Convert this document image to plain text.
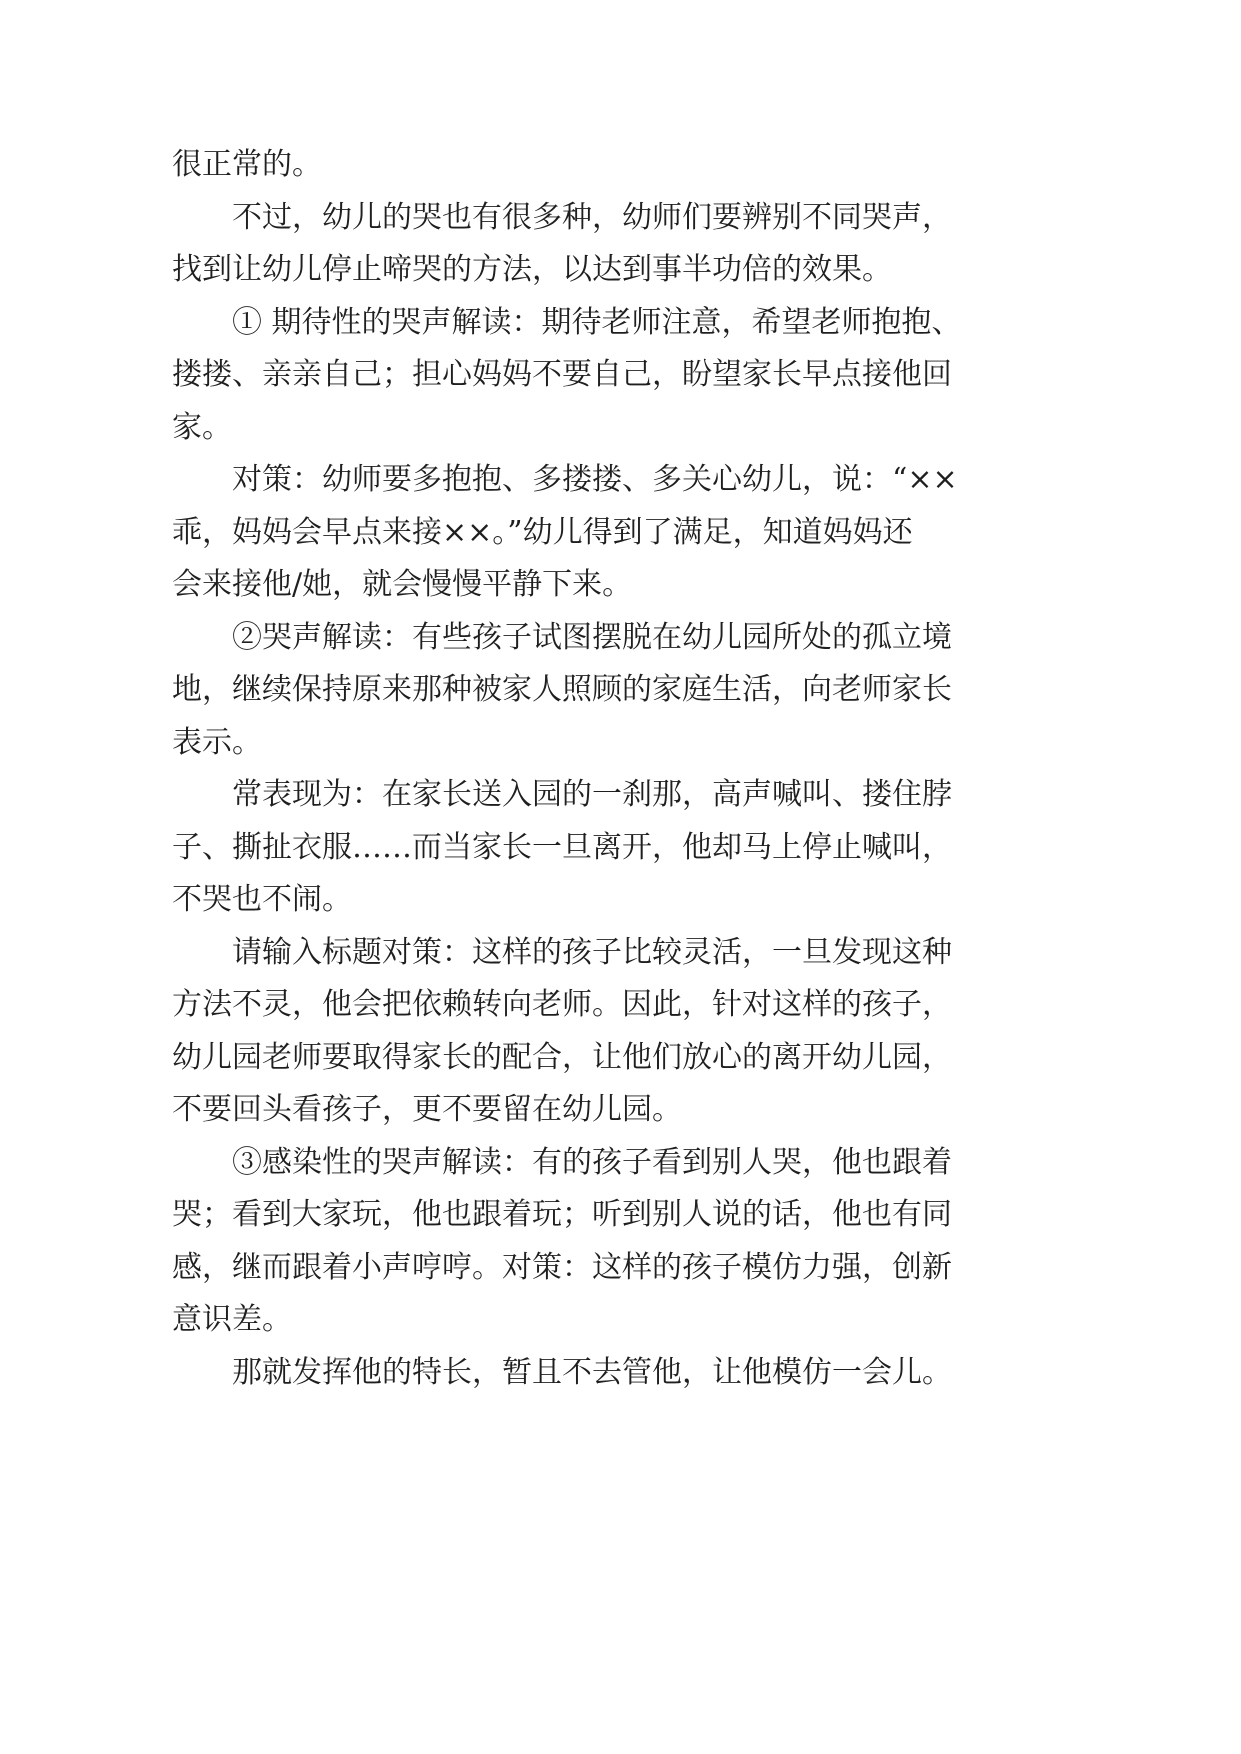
很正常的。
不过，幼儿的哭也有很多种，幼师们要辨别不同哭声，
找到让幼儿停止啼哭的方法，以达到事半功倍的效果。
① 期待性的哭声解读：期待老师注意，希望老师抱抱、
搂搂、亲亲自己；担心妈妈不要自己，盼望家长早点接他回
家。
对策：幼师要多抱抱、多搂搂、多关心幼儿，说：“××
乖，妈妈会早点来接××。”幼儿得到了满足，知道妈妈还
会来接他/她，就会慢慢平静下来。
②哭声解读：有些孩子试图摆脱在幼儿园所处的孤立境
地，继续保持原来那种被家人照顾的家庭生活，向老师家长
表示。
常表现为：在家长送入园的一刹那，高声喊叫、搂住脖
子、撕扯衣服……而当家长一旦离开，他却马上停止喊叫，
不哭也不闹。
请输入标题对策：这样的孩子比较灵活，一旦发现这种
方法不灵，他会把依赖转向老师。因此，针对这样的孩子，
幼儿园老师要取得家长的配合，让他们放心的离开幼儿园，
不要回头看孩子，更不要留在幼儿园。
③感染性的哭声解读：有的孩子看到别人哭，他也跟着
哭；看到大家玩，他也跟着玩；听到别人说的话，他也有同
感，继而跟着小声哼哼。对策：这样的孩子模仿力强，创新
意识差。
那就发挥他的特长，暂且不去管他，让他模仿一会儿。
